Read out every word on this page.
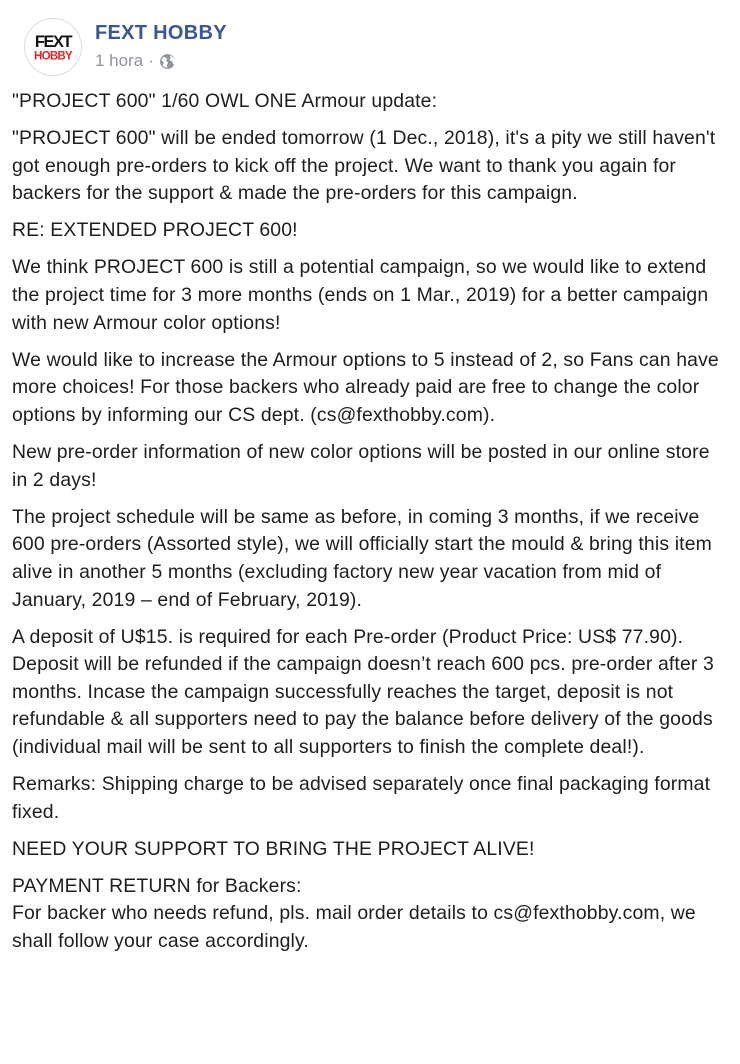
FEXT
HOBBY
FEXT HOBBY
1 hora ·

"PROJECT 600" 1/60 OWL ONE Armour update:

"PROJECT 600" will be ended tomorrow (1 Dec., 2018), it's a pity we still haven't got enough pre-orders to kick off the project. We want to thank you again for backers for the support & made the pre-orders for this campaign.

RE: EXTENDED PROJECT 600!

We think PROJECT 600 is still a potential campaign, so we would like to extend the project time for 3 more months (ends on 1 Mar., 2019) for a better campaign with new Armour color options!

We would like to increase the Armour options to 5 instead of 2, so Fans can have more choices! For those backers who already paid are free to change the color options by informing our CS dept. (cs@fexthobby.com).

New pre-order information of new color options will be posted in our online store in 2 days!

The project schedule will be same as before, in coming 3 months, if we receive 600 pre-orders (Assorted style), we will officially start the mould & bring this item alive in another 5 months (excluding factory new year vacation from mid of January, 2019 – end of February, 2019).

A deposit of U$15. is required for each Pre-order (Product Price: US$ 77.90). Deposit will be refunded if the campaign doesn’t reach 600 pcs. pre-order after 3 months. Incase the campaign successfully reaches the target, deposit is not refundable & all supporters need to pay the balance before delivery of the goods (individual mail will be sent to all supporters to finish the complete deal!).

Remarks: Shipping charge to be advised separately once final packaging format fixed.

NEED YOUR SUPPORT TO BRING THE PROJECT ALIVE!

PAYMENT RETURN for Backers:
For backer who needs refund, pls. mail order details to cs@fexthobby.com, we shall follow your case accordingly.
